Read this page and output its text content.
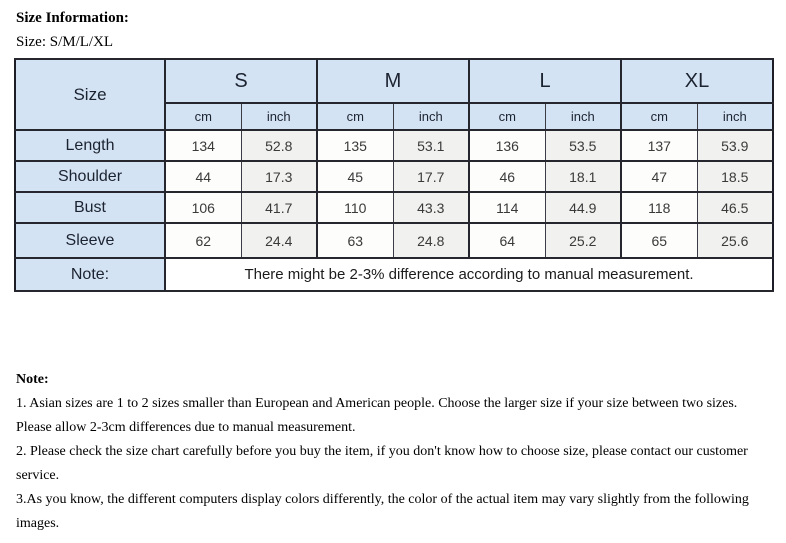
Size Information:
Size: S/M/L/XL
Size	S		M		L		XL	
	cm	inch	cm	inch	cm	inch	cm	inch
Length	134	52.8	135	53.1	136	53.5	137	53.9
Shoulder	44	17.3	45	17.7	46	18.1	47	18.5
Bust	106	41.7	110	43.3	114	44.9	118	46.5
Sleeve	62	24.4	63	24.8	64	25.2	65	25.6
Note:	There might be 2-3% difference according to manual measurement.							

Note:

1. Asian sizes are 1 to 2 sizes smaller than European and American people. Choose the larger size if your size between two sizes. Please allow 2-3cm differences due to manual measurement.

2. Please check the size chart carefully before you buy the item, if you don't know how to choose size, please contact our customer service.

3.As you know, the different computers display colors differently, the color of the actual item may vary slightly from the following images.
